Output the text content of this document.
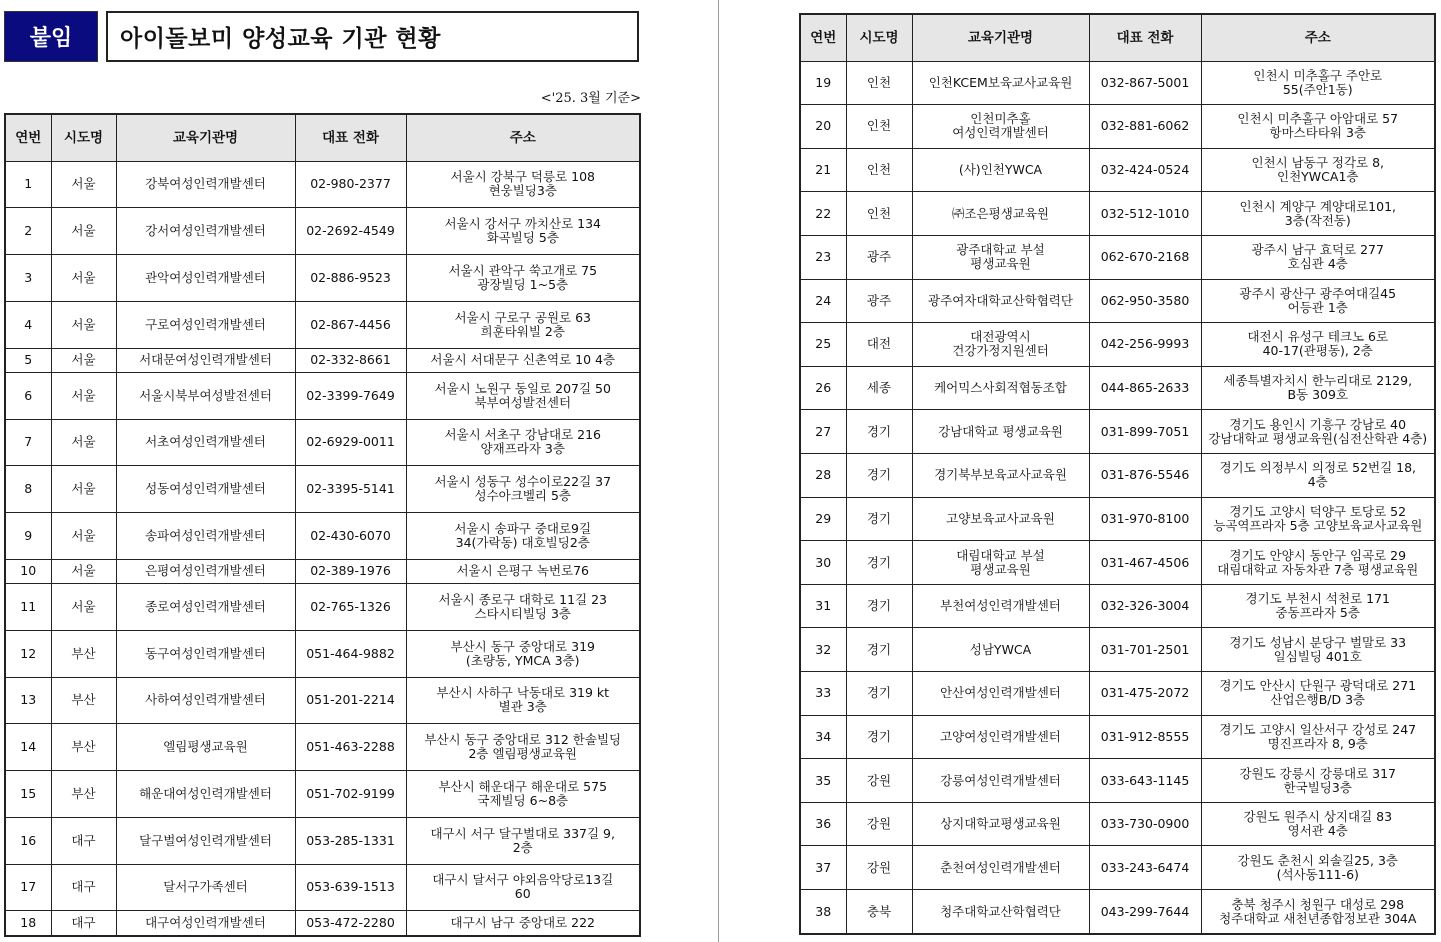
붙임	아이돌보미 양성교육 기관 현황
<'25. 3월 기준>
연번	시도명	교육기관명	대표 전화	주소
1	서울	강북여성인력개발센터	02-980-2377	서울시 강북구 덕릉로 108
현웅빌딩3층
2	서울	강서여성인력개발센터	02-2692-4549	서울시 강서구 까치산로 134
화곡빌딩 5층
3	서울	관악여성인력개발센터	02-886-9523	서울시 관악구 쑥고개로 75
광장빌딩 1~5층
4	서울	구로여성인력개발센터	02-867-4456	서울시 구로구 공원로 63
희훈타워빌 2층
5	서울	서대문여성인력개발센터	02-332-8661	서울시 서대문구 신촌역로 10 4층
6	서울	서울시북부여성발전센터	02-3399-7649	서울시 노원구 동일로 207길 50
북부여성발전센터
7	서울	서초여성인력개발센터	02-6929-0011	서울시 서초구 강남대로 216
양재프라자 3층
8	서울	성동여성인력개발센터	02-3395-5141	서울시 성동구 성수이로22길 37
성수아크벨리 5층
9	서울	송파여성인력개발센터	02-430-6070	서울시 송파구 중대로9길
34(가락동) 대호빌딩2층
10	서울	은평여성인력개발센터	02-389-1976	서울시 은평구 녹번로76
11	서울	종로여성인력개발센터	02-765-1326	서울시 종로구 대학로 11길 23
스타시티빌딩 3층
12	부산	동구여성인력개발센터	051-464-9882	부산시 동구 중앙대로 319
(초량동, YMCA 3층)
13	부산	사하여성인력개발센터	051-201-2214	부산시 사하구 낙동대로 319 kt
별관 3층
14	부산	엘림평생교육원	051-463-2288	부산시 동구 중앙대로 312 한솔빌딩
2층 엘림평생교육원
15	부산	해운대여성인력개발센터	051-702-9199	부산시 해운대구 해운대로 575
국제빌딩 6~8층
16	대구	달구벌여성인력개발센터	053-285-1331	대구시 서구 달구벌대로 337길 9,
2층
17	대구	달서구가족센터	053-639-1513	대구시 달서구 야외음악당로13길
60
18	대구	대구여성인력개발센터	053-472-2280	대구시 남구 중앙대로 222
연번	시도명	교육기관명	대표 전화	주소
19	인천	인천KCEM보육교사교육원	032-867-5001	인천시 미추홀구 주안로
55(주안1동)
20	인천	인천미추홀
여성인력개발센터	032-881-6062	인천시 미추홀구 아암대로 57
항마스타타워 3층
21	인천	(사)인천YWCA	032-424-0524	인천시 남동구 정각로 8,
인천YWCA1층
22	인천	㈜조은평생교육원	032-512-1010	인천시 계양구 계양대로101,
3층(작전동)
23	광주	광주대학교 부설
평생교육원	062-670-2168	광주시 남구 효덕로 277
호심관 4층
24	광주	광주여자대학교산학협력단	062-950-3580	광주시 광산구 광주여대길45
어등관 1층
25	대전	대전광역시
건강가정지원센터	042-256-9993	대전시 유성구 테크노 6로
40-17(관평동), 2층
26	세종	케어믹스사회적협동조합	044-865-2633	세종특별자치시 한누리대로 2129,
B동 309호
27	경기	강남대학교 평생교육원	031-899-7051	경기도 용인시 기흥구 강남로 40
강남대학교 평생교육원(심전산학관 4층)
28	경기	경기북부보육교사교육원	031-876-5546	경기도 의정부시 의정로 52번길 18,
4층
29	경기	고양보육교사교육원	031-970-8100	경기도 고양시 덕양구 토당로 52
능곡역프라자 5층 고양보육교사교육원
30	경기	대림대학교 부설
평생교육원	031-467-4506	경기도 안양시 동안구 임곡로 29
대림대학교 자동차관 7층 평생교육원
31	경기	부천여성인력개발센터	032-326-3004	경기도 부천시 석천로 171
중동프라자 5층
32	경기	성남YWCA	031-701-2501	경기도 성남시 분당구 벌말로 33
일심빌딩 401호
33	경기	안산여성인력개발센터	031-475-2072	경기도 안산시 단원구 광덕대로 271
산업은행B/D 3층
34	경기	고양여성인력개발센터	031-912-8555	경기도 고양시 일산서구 강성로 247
명진프라자 8, 9층
35	강원	강릉여성인력개발센터	033-643-1145	강원도 강릉시 강릉대로 317
한국빌딩3층
36	강원	상지대학교평생교육원	033-730-0900	강원도 원주시 상지대길 83
영서관 4층
37	강원	춘천여성인력개발센터	033-243-6474	강원도 춘천시 외솔길25, 3층
(석사동111-6)
38	충북	청주대학교산학협력단	043-299-7644	충북 청주시 청원구 대성로 298
청주대학교 새천년종합정보관 304A
